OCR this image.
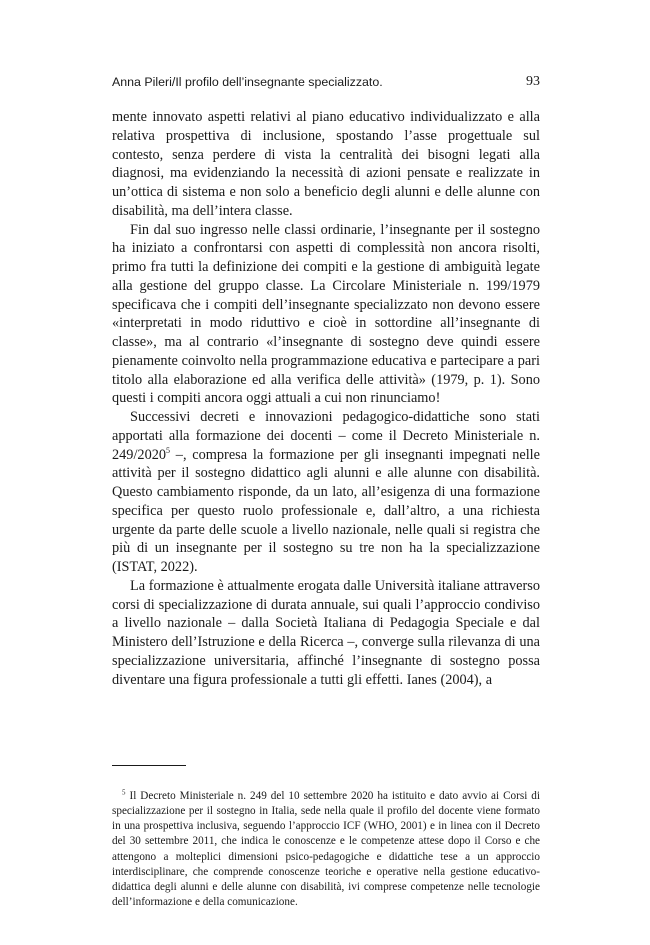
Anna Pileri/Il profilo dell’insegnante specializzato.	93

mente innovato aspetti relativi al piano educativo individualizzato e alla relativa prospettiva di inclusione, spostando l’asse progettuale sul contesto, senza perdere di vista la centralità dei bisogni legati alla diagnosi, ma evidenziando la necessità di azioni pensate e realizzate in un’ottica di sistema e non solo a beneficio degli alunni e delle alunne con disabilità, ma dell’intera classe.

Fin dal suo ingresso nelle classi ordinarie, l’insegnante per il sostegno ha iniziato a confrontarsi con aspetti di complessità non ancora risolti, primo fra tutti la definizione dei compiti e la gestione di ambiguità legate alla gestione del gruppo classe. La Circolare Ministeriale n. 199/1979 specificava che i compiti dell’insegnante specializzato non devono essere «interpretati in modo riduttivo e cioè in sottordine all’insegnante di classe», ma al contrario «l’insegnante di sostegno deve quindi essere pienamente coinvolto nella programmazione educativa e partecipare a pari titolo alla elaborazione ed alla verifica delle attività» (1979, p. 1). Sono questi i compiti ancora oggi attuali a cui non rinunciamo!

Successivi decreti e innovazioni pedagogico-didattiche sono stati apportati alla formazione dei docenti – come il Decreto Ministeriale n. 249/2020$^5$ –, compresa la formazione per gli insegnanti impegnati nelle attività per il sostegno didattico agli alunni e alle alunne con disabilità. Questo cambiamento risponde, da un lato, all’esigenza di una formazione specifica per questo ruolo professionale e, dall’altro, a una richiesta urgente da parte delle scuole a livello nazionale, nelle quali si registra che più di un insegnante per il sostegno su tre non ha la specializzazione (ISTAT, 2022).

La formazione è attualmente erogata dalle Università italiane attraverso corsi di specializzazione di durata annuale, sui quali l’approccio condiviso a livello nazionale – dalla Società Italiana di Pedagogia Speciale e dal Ministero dell’Istruzione e della Ricerca –, converge sulla rilevanza di una specializzazione universitaria, affinché l’insegnante di sostegno possa diventare una figura professionale a tutti gli effetti. Ianes (2004), a

$^5$ Il Decreto Ministeriale n. 249 del 10 settembre 2020 ha istituito e dato avvio ai Corsi di specializzazione per il sostegno in Italia, sede nella quale il profilo del docente viene formato in una prospettiva inclusiva, seguendo l’approccio ICF (WHO, 2001) e in linea con il Decreto del 30 settembre 2011, che indica le conoscenze e le competenze attese dopo il Corso e che attengono a molteplici dimensioni psico-pedagogiche e didattiche tese a un approccio interdisciplinare, che comprende conoscenze teoriche e operative nella gestione educativo-didattica degli alunni e delle alunne con disabilità, ivi comprese competenze nelle tecnologie dell’informazione e della comunicazione.
